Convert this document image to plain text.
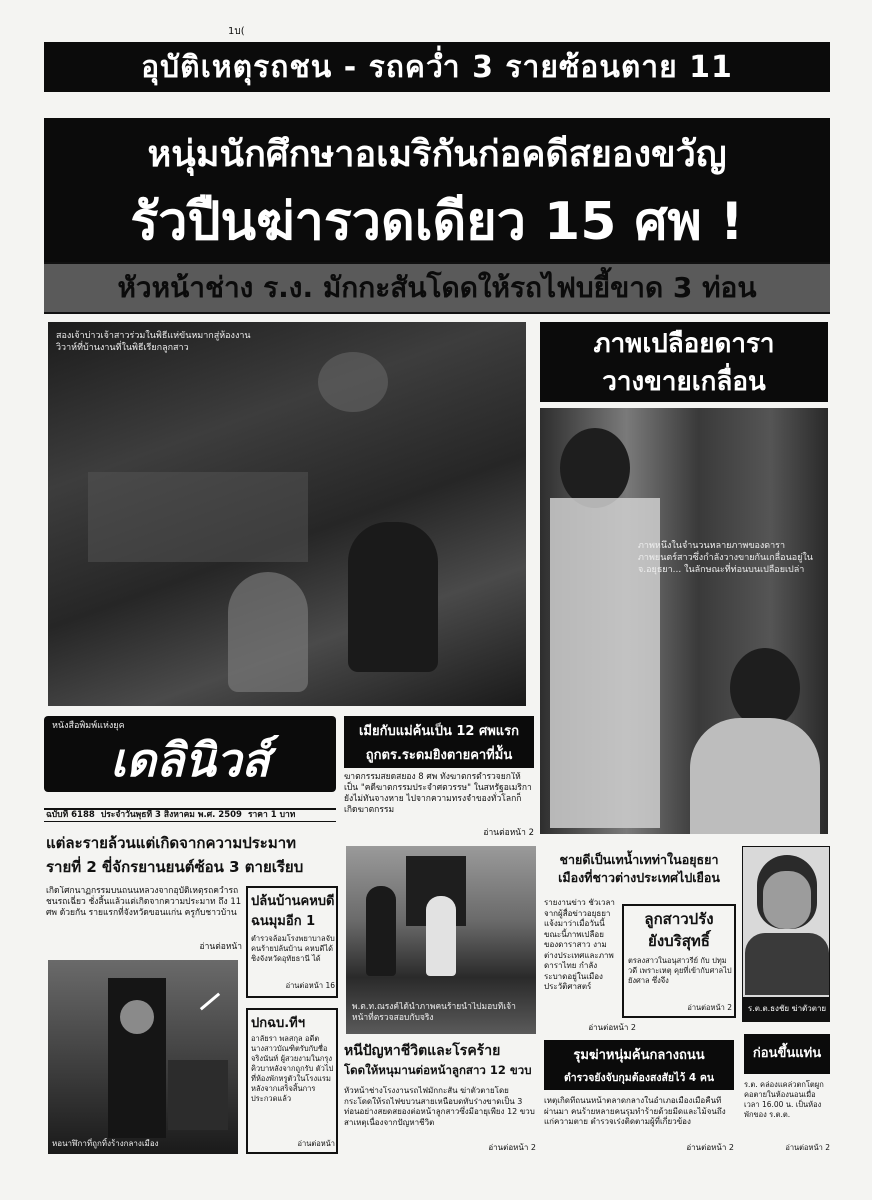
1บ(
อุบัติเหตุรถชน - รถคว่ำ 3 รายซ้อนตาย 11
หนุ่มนักศึกษาอเมริกันก่อคดีสยองขวัญ
รัวปืนฆ่ารวดเดียว 15 ศพ !
หัวหน้าช่าง ร.ง. มักกะสันโดดให้รถไฟบยี้ขาด 3 ท่อน
สองเจ้าบ่าวเจ้าสาวร่วมในพิธีแห่ขันหมากสู่ห้องงานวิวาห์ที่บ้านงานที่ในพิธีเรียกลูกสาว	ภาพเปลือยดารา
วางขายเกลื่อน
ภาพหนึ่งในจำนวนหลายภาพของดาราภาพยนตร์สาวซึ่งกำลังวางขายกันเกลื่อนอยู่ใน จ.อยุธยา... ในลักษณะที่ท่อนบนเปลือยเปล่า
หนังสือพิมพ์แห่งยุค
เดลินิวส์
ฉบับที่ 6188 ประจำวันพุธที่ 3 สิงหาคม พ.ศ. 2509 ราคา 1 บาท
เมียกับแม่ค้นเป็น 12 ศพแรก
ถูกตร.ระดมยิงตายคาที่ม้ัน
ฆาตกรรมสยดสยอง 8 ศพ ทั้งฆาตกรตำรวจยกให้เป็น "คดีฆาตกรรมประจำศตวรรษ" ในสหรัฐอเมริกา ยังไม่ทันจางหาย ไปจากความทรงจำของทั่วโลกก็เกิดฆาตกรรม
อ่านต่อหน้า 2
แต่ละรายล้วนแต่เกิดจากความประมาท
รายที่ 2 ขี่จักรยานยนต์ซ้อน 3 ตายเรียบ
เกิดโศกนาฏกรรมบนถนนหลวงจากอุบัติเหตุรถคว่ำรถชนรถเฉี่ยว ชั่งสิ้นแล้วแต่เกิดจากความประมาท ถึง 11 ศพ ด้วยกัน รายแรกที่จังหวัดขอนแก่น ครูกับชาวบ้าน
อ่านต่อหน้า
ปล้นบ้านคหบดี
ฉนมุมอีก 1
ตำรวจล้อมโรงพยาบาลจับคนร้ายปล้นบ้าน คหบดีได้ชิงจังหวัดอุทัยธานี ได้
อ่านต่อหน้า 16
พ.ต.ท.ณรงค์ได้นำภาพคนร้ายนำไปมอบที่เจ้าหน้าที่ตรวจสอบกับจริง
ชายดีเป็นเทน้ำเทท่าในอยุธยา
เมืองที่ชาวต่างประเทศไปเยือน
รายงานข่าว ชั่วเวลาจากผู้สื่อข่าวอยุธยา แจ้งมาว่าเมื่อวันนี้ ขณะนี้ภาพเปลือยของดาราสาว งาม ต่างประเทศและภาพดาราไทย กำลังระบาดอยู่ในเมืองประวัติศาสตร์
อ่านต่อหน้า 2
ลูกสาวปรัง
ยังบริสุทธิ์
ตรลงสาวในอนุสาวรีย์ กับ ปทุมวดี เพราะเหตุ คุยที่เข้ากับศาลไปยังศาล ซึ่งจึง
อ่านต่อหน้า 2	ร.ต.ต.ธงชัย ฆ่าตัวตาย
หอนาฬิกาที่ถูกทิ้งร้างกลางเมือง
ปกฉบ.ทีฯ
อาลัยรา พลสกุล อดีตนางสาวบัณฑิตรับกับชื่อจริงนันท์ ผู้สวยงามในกรุงคิวบาหลังจากถูกรับ ตัวไปที่ห้องพักหรูตัวในโรงแรมหลังจากเสร็จสิ้นการประกวดแล้ว
อ่านต่อหน้า
หนีปัญหาชีวิตและโรคร้าย
โดดให้หนุมานต่อหน้าลูกสาว 12 ขวบ
หัวหน้าช่างโรงงานรถไฟมักกะสัน ฆ่าตัวตายโดยกระโดดให้รถไฟขบวนสายเหนือบดทับร่างขาดเป็น 3 ท่อนอย่างสยดสยองต่อหน้าลูกสาวซึ่งมีอายุเพียง 12 ขวบ สาเหตุเนื่องจากปัญหาชีวิต
อ่านต่อหน้า 2
รุมฆ่าหนุ่มค้นกลางถนน
ตำรวจยังจับกุมต้องสงสัยไว้ 4 คน
เหตุเกิดที่ถนนหน้าตลาดกลางในอำเภอเมืองเมื่อคืนที่ผ่านมา คนร้ายหลายคนรุมทำร้ายด้วยมีดและไม้จนถึงแก่ความตาย ตำรวจเร่งติดตามผู้ที่เกี่ยวข้อง
อ่านต่อหน้า 2
ก่อนขึ้นแท่น
ร.ต. คล่องแคล่วตกโตผูกคอตายในห้องนอนเมื่อเวลา 16.00 น. เป็นห้องพักของ ร.ต.ต.
อ่านต่อหน้า 2
